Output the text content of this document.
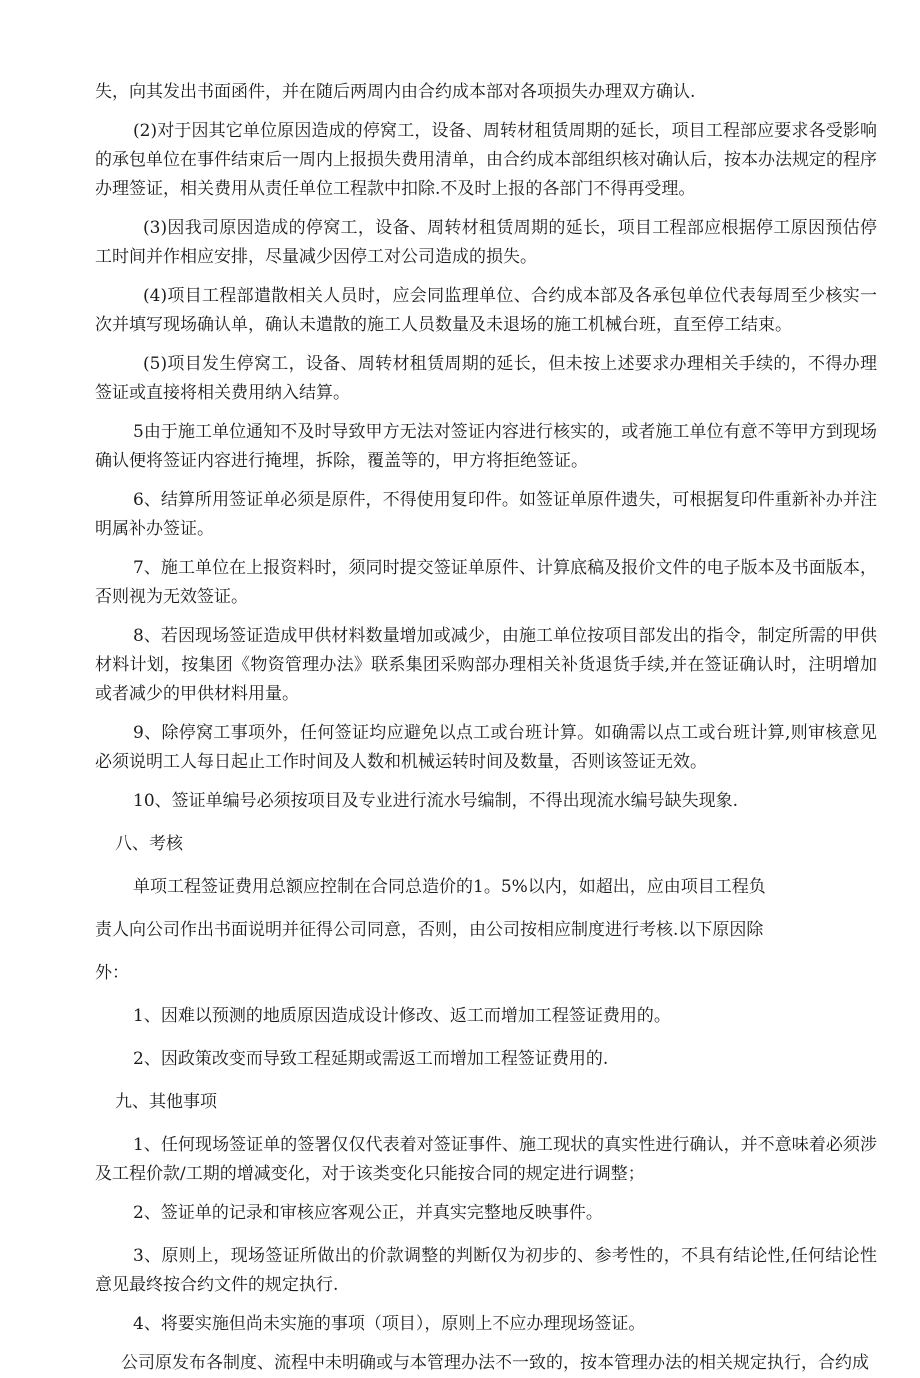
失，向其发出书面函件，并在随后两周内由合约成本部对各项损失办理双方确认.

(2)对于因其它单位原因造成的停窝工，设备、周转材租赁周期的延长，项目工程部应要求各受影响的承包单位在事件结束后一周内上报损失费用清单，由合约成本部组织核对确认后，按本办法规定的程序办理签证，相关费用从责任单位工程款中扣除.不及时上报的各部门不得再受理。

(3)因我司原因造成的停窝工，设备、周转材租赁周期的延长，项目工程部应根据停工原因预估停工时间并作相应安排，尽量减少因停工对公司造成的损失。

(4)项目工程部遣散相关人员时，应会同监理单位、合约成本部及各承包单位代表每周至少核实一次并填写现场确认单，确认未遣散的施工人员数量及未退场的施工机械台班，直至停工结束。

(5)项目发生停窝工，设备、周转材租赁周期的延长，但未按上述要求办理相关手续的，不得办理签证或直接将相关费用纳入结算。

5由于施工单位通知不及时导致甲方无法对签证内容进行核实的，或者施工单位有意不等甲方到现场确认便将签证内容进行掩埋，拆除，覆盖等的，甲方将拒绝签证。

6、结算所用签证单必须是原件，不得使用复印件。如签证单原件遗失，可根据复印件重新补办并注明属补办签证。

7、施工单位在上报资料时，须同时提交签证单原件、计算底稿及报价文件的电子版本及书面版本，否则视为无效签证。

8、若因现场签证造成甲供材料数量增加或减少，由施工单位按项目部发出的指令，制定所需的甲供材料计划，按集团《物资管理办法》联系集团采购部办理相关补货退货手续,并在签证确认时，注明增加或者减少的甲供材料用量。

9、除停窝工事项外，任何签证均应避免以点工或台班计算。如确需以点工或台班计算,则审核意见必须说明工人每日起止工作时间及人数和机械运转时间及数量，否则该签证无效。

10、签证单编号必须按项目及专业进行流水号编制，不得出现流水编号缺失现象.

八、考核

单项工程签证费用总额应控制在合同总造价的1。5%以内，如超出，应由项目工程负

责人向公司作出书面说明并征得公司同意，否则，由公司按相应制度进行考核.以下原因除

外：

1、因难以预测的地质原因造成设计修改、返工而增加工程签证费用的。

2、因政策改变而导致工程延期或需返工而增加工程签证费用的.

九、其他事项

1、任何现场签证单的签署仅仅代表着对签证事件、施工现状的真实性进行确认，并不意味着必须涉及工程价款/工期的增减变化，对于该类变化只能按合同的规定进行调整；

2、签证单的记录和审核应客观公正，并真实完整地反映事件。

3、原则上，现场签证所做出的价款调整的判断仅为初步的、参考性的，不具有结论性,任何结论性意见最终按合约文件的规定执行.

4、将要实施但尚未实施的事项（项目），原则上不应办理现场签证。

公司原发布各制度、流程中未明确或与本管理办法不一致的，按本管理办法的相关规定执行，合约成
